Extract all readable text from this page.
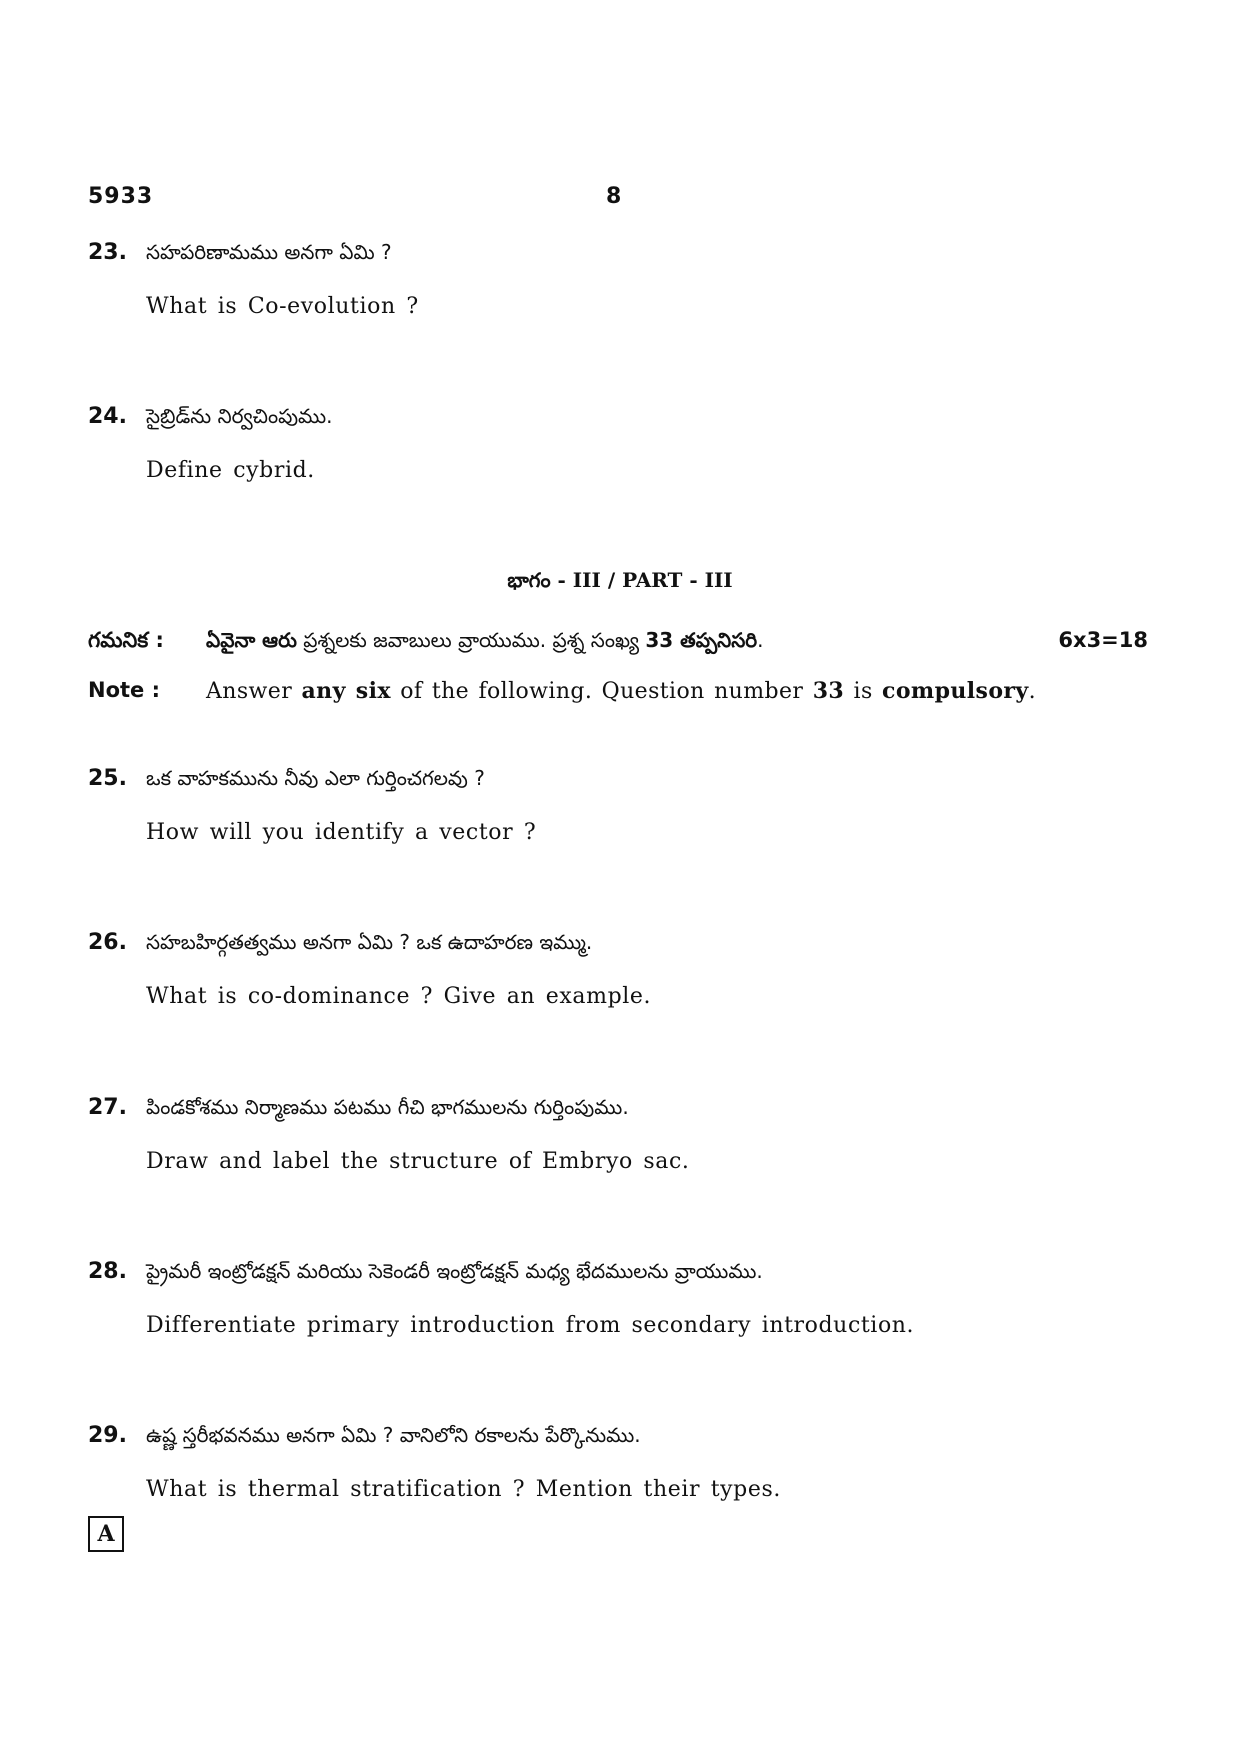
5933	8
23. సహపరిణామము అనగా ఏమి ?
What is Co-evolution ?
24. సైబ్రిడ్‌ను నిర్వచింపుము.
Define cybrid.
భాగం - III / PART - III
గమనిక : ఏవైనా ఆరు ప్రశ్నలకు జవాబులు వ్రాయుము. ప్రశ్న సంఖ్య 33 తప్పనిసరి.	6x3=18
Note : Answer any six of the following. Question number 33 is compulsory.
25. ఒక వాహకమును నీవు ఎలా గుర్తించగలవు ?
How will you identify a vector ?
26. సహబహిర్గతత్వము అనగా ఏమి ? ఒక ఉదాహరణ ఇమ్ము.
What is co-dominance ? Give an example.
27. పిండకోశము నిర్మాణము పటము గీచి భాగములను గుర్తింపుము.
Draw and label the structure of Embryo sac.
28. ప్రైమరీ ఇంట్రోడక్షన్ మరియు సెకెండరీ ఇంట్రోడక్షన్ మధ్య భేదములను వ్రాయుము.
Differentiate primary introduction from secondary introduction.
29. ఉష్ణ స్తరీభవనము అనగా ఏమి ? వానిలోని రకాలను పేర్కొనుము.
What is thermal stratification ? Mention their types.
A
